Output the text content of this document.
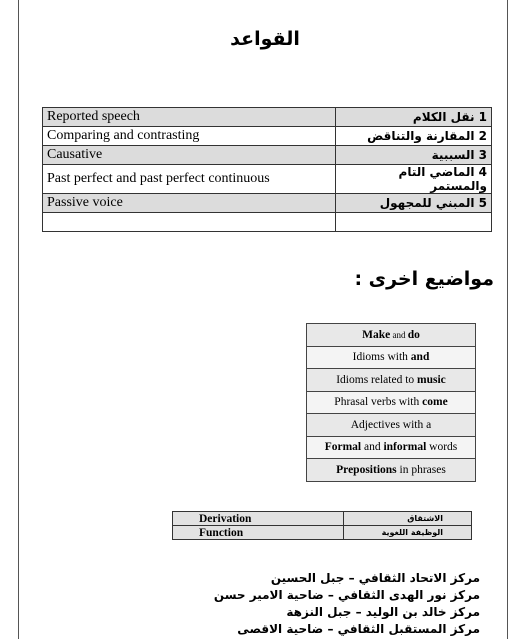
القواعد
Reported speech	1 نقل الكلام
Comparing and contrasting	2 المقارنة والتناقض
Causative	3 السببية
Past perfect and past perfect continuous	4 الماضي التام والمستمر
Passive voice	5 المبني للمجهول

مواضيع اخرى :
Make and do
Idioms with and
Idioms related to music
Phrasal verbs with come
Adjectives with a
Formal and informal words
Prepositions in phrases
Derivation	الاشتقاق
Function	الوظيفة اللغوية
مركز الاتحاد الثقافي – جبل الحسين
مركز نور الهدى الثقافي – ضاحية الامير حسن
مركز خالد بن الوليد – جبل النزهة
مركز المستقبل الثقافي – ضاحية الاقصى
